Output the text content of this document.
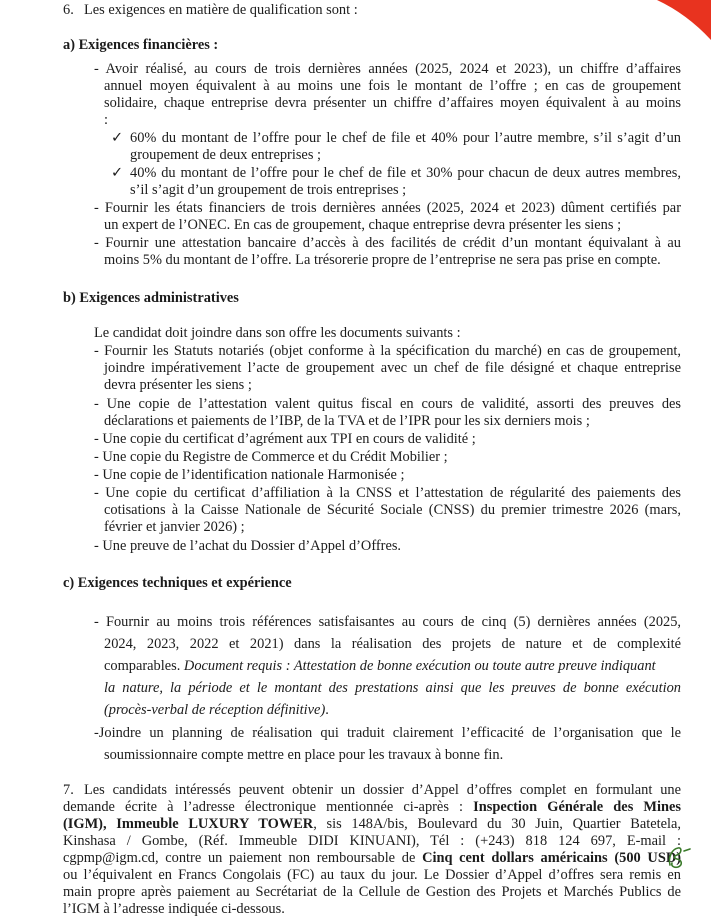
6. Les exigences en matière de qualification sont :
a) Exigences financières :
- Avoir réalisé, au cours de trois dernières années (2025, 2024 et 2023), un chiffre d’affaires
annuel moyen équivalent à au moins une fois le montant de l’offre ; en cas de groupement
solidaire, chaque entreprise devra présenter un chiffre d’affaires moyen équivalent à au moins
:
✓ 60% du montant de l’offre pour le chef de file et 40% pour l’autre membre, s’il s’agit d’un
groupement de deux entreprises ;
✓ 40% du montant de l’offre pour le chef de file et 30% pour chacun de deux autres membres,
s’il s’agit d’un groupement de trois entreprises ;
- Fournir les états financiers de trois dernières années (2025, 2024 et 2023) dûment certifiés par
un expert de l’ONEC. En cas de groupement, chaque entreprise devra présenter les siens ;
- Fournir une attestation bancaire d’accès à des facilités de crédit d’un montant équivalant à au
moins 5% du montant de l’offre. La trésorerie propre de l’entreprise ne sera pas prise en compte.
b) Exigences administratives
Le candidat doit joindre dans son offre les documents suivants :
- Fournir les Statuts notariés (objet conforme à la spécification du marché) en cas de groupement,
joindre impérativement l’acte de groupement avec un chef de file désigné et chaque entreprise
devra présenter les siens ;
- Une copie de l’attestation valent quitus fiscal en cours de validité, assorti des preuves des
déclarations et paiements de l’IBP, de la TVA et de l’IPR pour les six derniers mois ;
- Une copie du certificat d’agrément aux TPI en cours de validité ;
- Une copie du Registre de Commerce et du Crédit Mobilier ;
- Une copie de l’identification nationale Harmonisée ;
- Une copie du certificat d’affiliation à la CNSS et l’attestation de régularité des paiements des
cotisations à la Caisse Nationale de Sécurité Sociale (CNSS) du premier trimestre 2026 (mars,
février et janvier 2026) ;
- Une preuve de l’achat du Dossier d’Appel d’Offres.
c) Exigences techniques et expérience
- Fournir au moins trois références satisfaisantes au cours de cinq (5) dernières années (2025,
2024, 2023, 2022 et 2021) dans la réalisation des projets de nature et de complexité
comparables. Document requis : Attestation de bonne exécution ou toute autre preuve indiquant
la nature, la période et le montant des prestations ainsi que les preuves de bonne exécution
(procès-verbal de réception définitive).
-Joindre un planning de réalisation qui traduit clairement l’efficacité de l’organisation que le
soumissionnaire compte mettre en place pour les travaux à bonne fin.
7. Les candidats intéressés peuvent obtenir un dossier d’Appel d’offres complet en formulant une
demande écrite à l’adresse électronique mentionnée ci-après : Inspection Générale des Mines
(IGM), Immeuble LUXURY TOWER, sis 148A/bis, Boulevard du 30 Juin, Quartier Batetela,
Kinshasa / Gombe, (Réf. Immeuble DIDI KINUANI), Tél : (+243) 818 124 697, E-mail :
cgpmp@igm.cd, contre un paiement non remboursable de Cinq cent dollars américains (500 USD)
ou l’équivalent en Francs Congolais (FC) au taux du jour. Le Dossier d’Appel d’offres sera remis en
main propre après paiement au Secrétariat de la Cellule de Gestion des Projets et Marchés Publics de
l’IGM à l’adresse indiquée ci-dessous.
